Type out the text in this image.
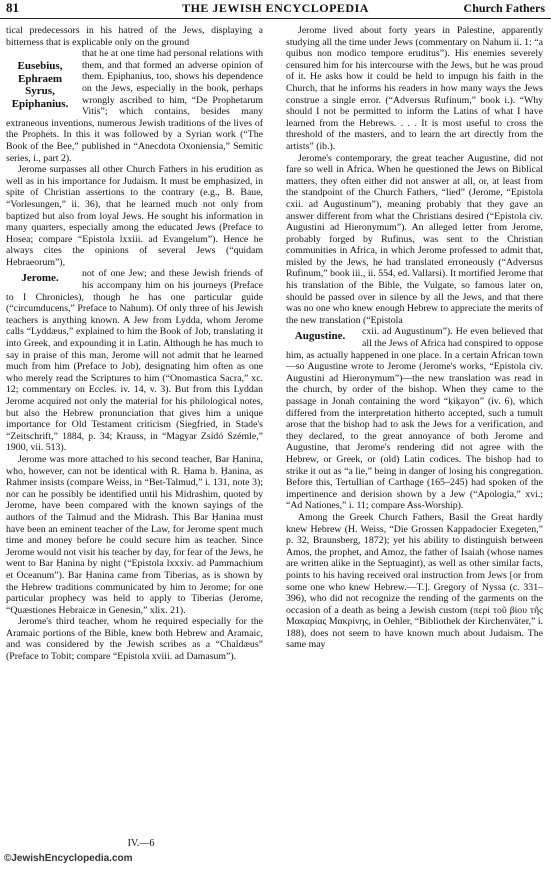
81	THE JEWISH ENCYCLOPEDIA	Church Fathers

tical predecessors in his hatred of the Jews, displaying a bitterness that is explicable only on the ground

Eusebius, Ephraem Syrus, Epiphanius.

that he at one time had personal relations with them, and that formed an adverse opinion of them. Epiphanius, too, shows his dependence on the Jews, especially in the book, perhaps wrongly ascribed to him, “De Prophetarum Vitis”; which contains, besides many extraneous inventions, numerous Jewish traditions of the lives of the Prophets. In this it was followed by a Syrian work (“The Book of the Bee,” published in “Anecdota Oxoniensia,” Semitic series, i., part 2).

Jerome surpasses all other Church Fathers in his erudition as well as in his importance for Judaism. It must be emphasized, in spite of Christian assertions to the contrary (e.g., B. Baue, “Vorlesungen,” ii. 36), that he learned much not only from baptized but also from loyal Jews. He sought his information in many quarters, especially among the educated Jews (Preface to Hosea; compare “Epistola lxxiii. ad Evangelum”). Hence he always cites the opinions of several Jews (“quidam Hebraeorum”),

Jerome.	not of one Jew; and these Jewish friends of his accompany him on his journeys (Preface to I Chronicles), though he has one particular guide (“circumducens,” Preface to Nahum). Of only three of his Jewish teachers is anything known. A Jew from Lydda, whom Jerome calls “Lyddæus,” explained to him the Book of Job, translating it into Greek, and expounding it in Latin. Although he has much to say in praise of this man, Jerome will not admit that he learned much from him (Preface to Job), designating him often as one who merely read the Scriptures to him (“Onomastica Sacra,” xc. 12; commentary on Eccles. iv. 14, v. 3). But from this Lyddan Jerome acquired not only the material for his philological notes, but also the Hebrew pronunciation that gives him a unique importance for Old Testament criticism (Siegfried, in Stade's “Zeitschrift,” 1884, p. 34; Krauss, in “Magyar Zsidó Szémle,” 1900, vii. 513).

Jerome was more attached to his second teacher, Bar Ḥanina, who, however, can not be identical with R. Ḥama b. Ḥanina, as Rahmer insists (compare Weiss, in “Bet-Talmud,” i. 131, note 3); nor can he possibly be identified until his Midrashim, quoted by Jerome, have been compared with the known sayings of the authors of the Talmud and the Midrash. This Bar Ḥanina must have been an eminent teacher of the Law, for Jerome spent much time and money before he could secure him as teacher. Since Jerome would not visit his teacher by day, for fear of the Jews, he went to Bar Ḥanina by night (“Epistola lxxxiv. ad Pammachium et Oceanum”). Bar Ḥanina came from Tiberias, as is shown by the Hebrew traditions communicated by him to Jerome; for one particular prophecy was held to apply to Tiberias (Jerome, “Quæstiones Hebraicæ in Genesin,” xlix. 21).

Jerome's third teacher, whom he required especially for the Aramaic portions of the Bible, knew both Hebrew and Aramaic, and was considered by the Jewish scribes as a “Chaldæus” (Preface to Tobit; compare “Epistola xviii. ad Damasum”).

IV.—6

Jerome lived about forty years in Palestine, apparently studying all the time under Jews (commentary on Nahum ii. 1: “a quibus non modico tempore eruditus”). His enemies severely censured him for his intercourse with the Jews, but he was proud of it. He asks how it could be held to impugn his faith in the Church, that he informs his readers in how many ways the Jews construe a single error. (“Adversus Rufinum,” book i.). “Why should I not be permitted to inform the Latins of what I have learned from the Hebrews. . . . It is most useful to cross the threshold of the masters, and to learn the art directly from the artists” (ib.).

Jerome's contemporary, the great teacher Augustine, did not fare so well in Africa. When he questioned the Jews on Biblical matters, they often either did not answer at all, or, at least from the standpoint of the Church Fathers, “lied” (Jerome, “Epistola cxii. ad Augustinum”), meaning probably that they gave an answer different from what the Christians desired (“Epistola civ. Augustini ad Hieronymum”). An alleged letter from Jerome, probably forged by Rufinus, was sent to the Christian communities in Africa, in which Jerome professed to admit that, misled by the Jews, he had translated erroneously (“Adversus Rufinum,” book iii., ii. 554, ed. Vallarsi). It mortified Jerome that his translation of the Bible, the Vulgate, so famous later on, should be passed over in silence by all the Jews, and that there was no one who knew enough Hebrew to appreciate the merits of the new translation (“Epistola

Augustine.	cxii. ad Augustinum”). He even believed that all the Jews of Africa had conspired to oppose him, as actually happened in one place. In a certain African town—so Augustine wrote to Jerome (Jerome's works, “Epistola civ. Augustini ad Hieronymum”)—the new translation was read in the church, by order of the bishop. When they came to the passage in Jonah containing the word “ḳiḳayon” (iv. 6), which differed from the interpretation hitherto accepted, such a tumult arose that the bishop had to ask the Jews for a verification, and they declared, to the great annoyance of both Jerome and Augustine, that Jerome's rendering did not agree with the Hebrew, or Greek, or (old) Latin codices. The bishop had to strike it out as “a lie,” being in danger of losing his congregation. Before this, Tertullian of Carthage (165–245) had spoken of the impertinence and derision shown by a Jew (“Apologia,” xvi.; “Ad Nationes,” i. 11; compare Ass-Worship).

Among the Greek Church Fathers, Basil the Great hardly knew Hebrew (H. Weiss, “Die Grossen Kappadocier Exegeten,” p. 32, Braunsberg, 1872); yet his ability to distinguish between Amos, the prophet, and Amoz, the father of Isaiah (whose names are written alike in the Septuagint), as well as other similar facts, points to his having received oral instruction from Jews [or from some one who knew Hebrew.—T.]. Gregory of Nyssa (c. 331–396), who did not recognize the rending of the garments on the occasion of a death as being a Jewish custom (περὶ τοῦ βίου τῆς Μακαρίας Μακρίνης, in Oehler, “Bibliothek der Kirchenväter,” i. 188), does not seem to have known much about Judaism. The same may

©JewishEncyclopedia.com
